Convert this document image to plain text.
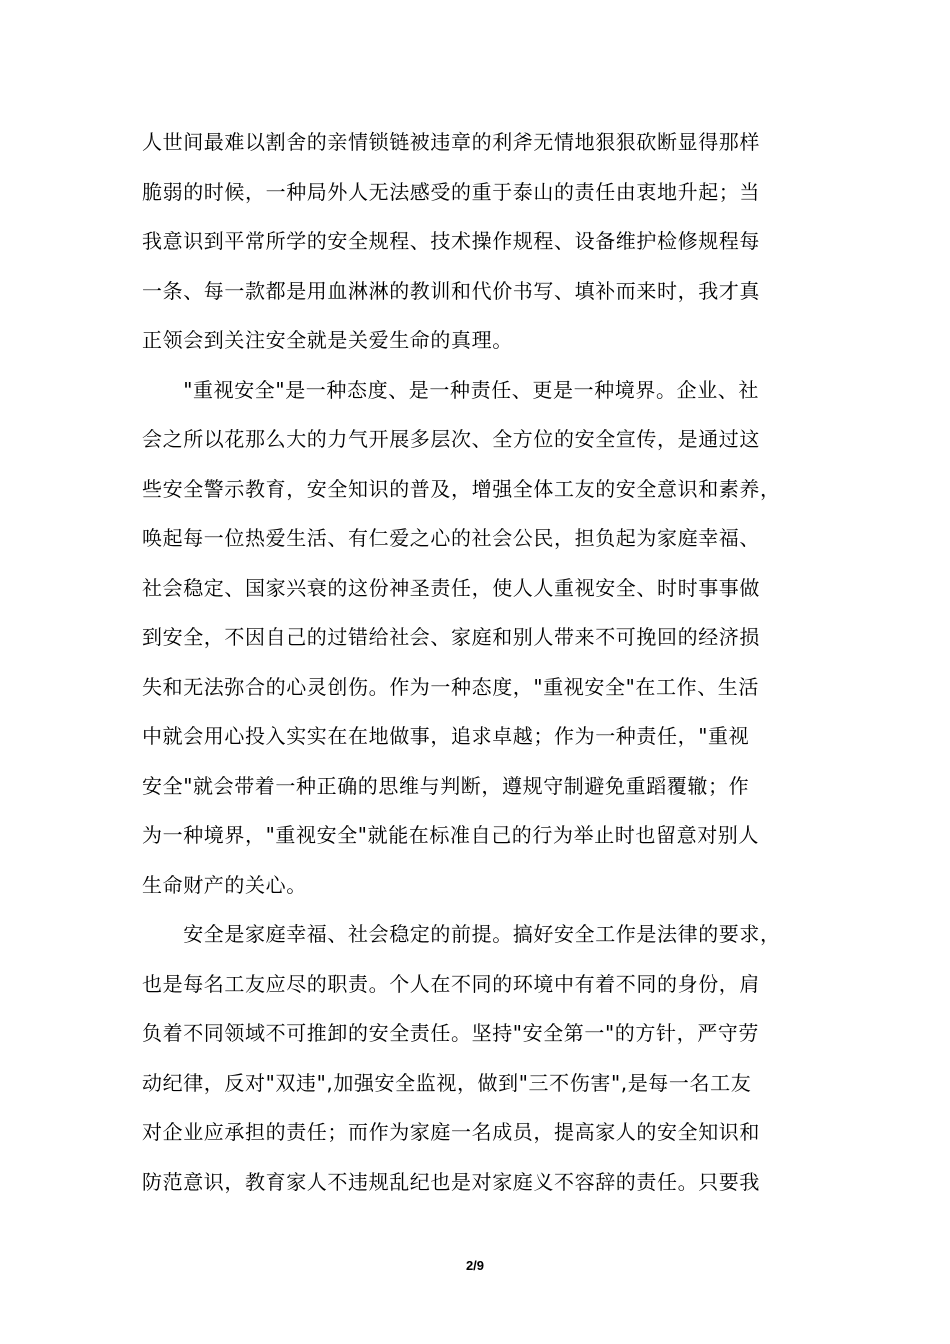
人世间最难以割舍的亲情锁链被违章的利斧无情地狠狠砍断显得那样
脆弱的时候，一种局外人无法感受的重于泰山的责任由衷地升起；当
我意识到平常所学的安全规程、技术操作规程、设备维护检修规程每
一条、每一款都是用血淋淋的教训和代价书写、填补而来时，我才真
正领会到关注安全就是关爱生命的真理。
　　"重视安全"是一种态度、是一种责任、更是一种境界。企业、社
会之所以花那么大的力气开展多层次、全方位的安全宣传，是通过这
些安全警示教育，安全知识的普及，增强全体工友的安全意识和素养，
唤起每一位热爱生活、有仁爱之心的社会公民，担负起为家庭幸福、
社会稳定、国家兴衰的这份神圣责任，使人人重视安全、时时事事做
到安全，不因自己的过错给社会、家庭和别人带来不可挽回的经济损
失和无法弥合的心灵创伤。作为一种态度，"重视安全"在工作、生活
中就会用心投入实实在在地做事，追求卓越；作为一种责任，"重视
安全"就会带着一种正确的思维与判断，遵规守制避免重蹈覆辙；作
为一种境界，"重视安全"就能在标准自己的行为举止时也留意对别人
生命财产的关心。
　　安全是家庭幸福、社会稳定的前提。搞好安全工作是法律的要求，
也是每名工友应尽的职责。个人在不同的环境中有着不同的身份，肩
负着不同领域不可推卸的安全责任。坚持"安全第一"的方针，严守劳
动纪律，反对"双违",加强安全监视，做到"三不伤害",是每一名工友
对企业应承担的责任；而作为家庭一名成员，提高家人的安全知识和
防范意识，教育家人不违规乱纪也是对家庭义不容辞的责任。只要我
2/9
